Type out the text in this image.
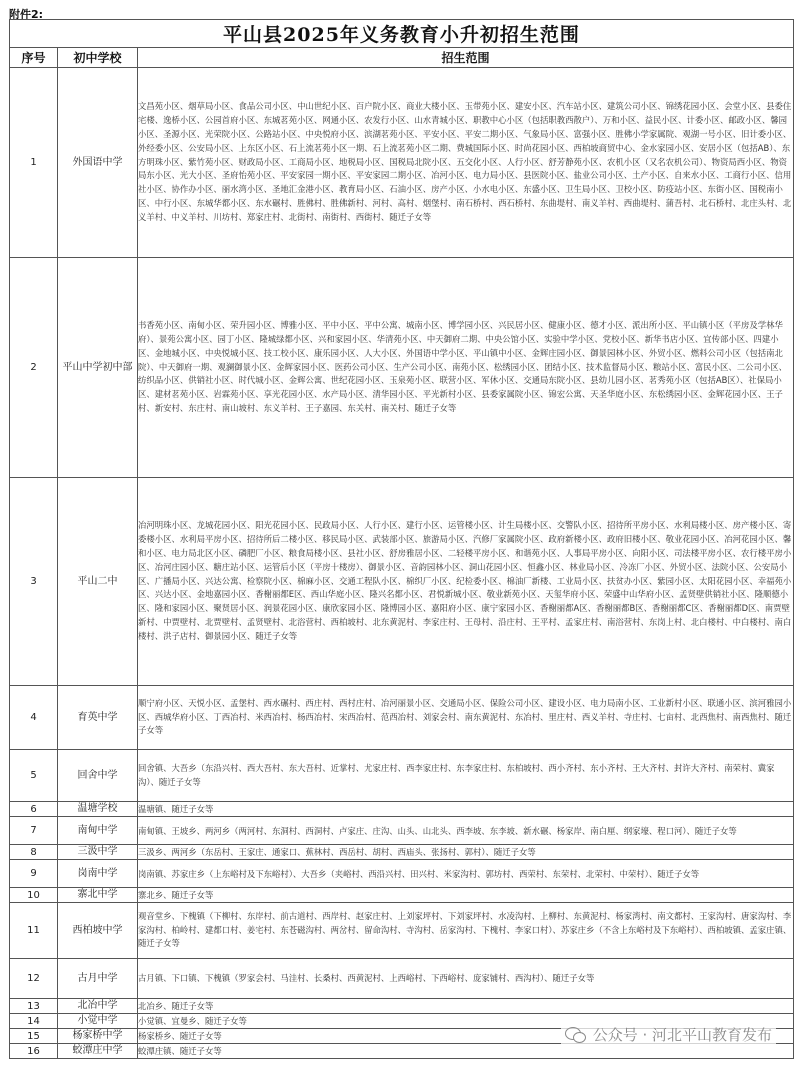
附件2:
平山县2025年义务教育小升初招生范围		
序号	初中学校	招生范围
1	外国语中学	文昌苑小区、烟草局小区、食品公司小区、中山世纪小区、百户院小区、商业大楼小区、玉带苑小区、建安小区、汽车站小区、建筑公司小区、锦绣花园小区、会堂小区、县委住宅楼、逸桥小区、公园首府小区、东城茗苑小区、网通小区、农发行小区、山水青城小区、职教中心小区（包括职教西散户）、万和小区、益民小区、计委小区、邮政小区、馨园小区、圣源小区、光荣院小区、公路站小区、中央悦府小区、滨湖茗苑小区、平安小区、平安二期小区、气象局小区、富强小区、胜佛小学家属院、观湖一号小区、旧计委小区、外经委小区、公安局小区、上东区小区、石上流茗苑小区一期、石上流茗苑小区二期、费城国际小区、时尚花园小区、西柏坡商贸中心、金水家园小区、安居小区（包括AB）、东方明珠小区、紫竹苑小区、财政局小区、工商局小区、地税局小区、国税局北院小区、五交化小区、人行小区、舒芳静苑小区、农机小区（又名农机公司）、物资局西小区、物资局东小区、光大小区、圣府怡苑小区、平安家园一期小区、平安家园二期小区、冶河小区、电力局小区、县医院小区、盐业公司小区、土产小区、自来水小区、工商行小区、信用社小区、协作办小区、丽水湾小区、圣地汇金港小区、教育局小区、石油小区、房产小区、小水电小区、东盛小区、卫生局小区、卫校小区、防疫站小区、东街小区、国税南小区、中行小区、东城华都小区、东水碾村、胜佛村、胜佛新村、河村、高村、烟堡村、南石桥村、西石桥村、东曲堤村、南义羊村、西曲堤村、蒲吾村、北石桥村、北庄头村、北义羊村、中义羊村、川坊村、郑家庄村、北街村、南街村、西街村、随迁子女等
2	平山中学初中部	书香苑小区、南甸小区、荣升园小区、博雅小区、平中小区、平中公寓、城南小区、博学园小区、兴民居小区、健康小区、德才小区、派出所小区、平山镇小区（平房及学林华府）、景苑公寓小区、园丁小区、隆城绿都小区、兴和家园小区、华清苑小区、中天御府二期、中央公馆小区、实验中学小区、党校小区、新华书店小区、宜传部小区、四建小区、金地城小区、中央悦城小区、技工校小区、康乐园小区、人大小区、外国语中学小区、平山镇中小区、金辉庄园小区、御景园林小区、外贸小区、燃料公司小区（包括南北院）、中天御府一期、观澜御景小区、金辉家园小区、医药公司小区、生产公司小区、南苑小区、松绣园小区、团结小区、技术监督局小区、粮站小区、富民小区、二公司小区、纺织品小区、供销社小区、时代城小区、金辉公寓、世纪花园小区、玉泉苑小区、联营小区、军休小区、交通局东院小区、县幼儿园小区、茗秀苑小区（包括AB区）、社保局小区、建材茗苑小区、岩霖苑小区、享光花园小区、水产局小区、清华园小区、平光新村小区、县委家属院小区、锦宏公寓、天圣华庭小区、东松绣园小区、金辉花园小区、王子村、新安村、东庄村、南山坡村、东义羊村、王子嘉园、东关村、南关村、随迁子女等
3	平山二中	冶河明珠小区、龙城花园小区、阳光花园小区、民政局小区、人行小区、建行小区、运管楼小区、计生局楼小区、交警队小区、招待所平房小区、水利局楼小区、房产楼小区、寄委楼小区、水利局平房小区、招待所后二楼小区、移民局小区、武装部小区、旅游局小区、汽修厂家属院小区、政府新楼小区、政府旧楼小区、敬业花园小区、冶河花园小区、馨和小区、电力局北区小区、磷肥厂小区、粮食局楼小区、县社小区、舒房雅居小区、二轻楼平房小区、和谐苑小区、人事局平房小区、向阳小区、司法楼平房小区、农行楼平房小区、冶河庄园小区、糖庄站小区、运管后小区（平房十楼房）、御景小区、音韵园林小区、洞山花园小区、恒鑫小区、林业局小区、冷冻厂小区、外贸小区、法院小区、公安局小区、广播局小区、兴达公寓、检察院小区、棉麻小区、交通工程队小区、棉织厂小区、纪检委小区、棉油厂新楼、工业局小区、扶贫办小区、紫园小区、太阳花园小区、幸福苑小区、兴达小区、金地嘉园小区、香榭丽都E区、西山华庭小区、隆兴名都小区、君悦新城小区、敬业新苑小区、天玺华府小区、荣盛中山华府小区、孟贤壁供销社小区、隆顺德小区、隆和家园小区、聚贤居小区、润景花园小区、康欣家园小区、隆博园小区、嘉阳府小区、康宁家园小区、香榭丽都A区、香榭丽都B区、香榭丽都C区、香榭丽都D区、南贾壁新村、中贾壁村、北贾壁村、孟贤壁村、北浴营村、西柏坡村、北东黄泥村、李家庄村、王母村、沿庄村、王平村、孟家庄村、南浴营村、东岗上村、北白楼村、中白楼村、南白楼村、洪子店村、御景园小区、随迁子女等
4	育英中学	顺宁府小区、天悦小区、孟堡村、西水碾村、西庄村、西村庄村、冶河丽景小区、交通局小区、保险公司小区、建设小区、电力局南小区、工业新村小区、联通小区、滨河雅园小区、西城华府小区、丁西冶村、米西冶村、杨西冶村、宋西冶村、范西冶村、刘家会村、南东黄泥村、东冶村、里庄村、西义羊村、寺庄村、七亩村、北西焦村、南西焦村、随迁子女等
5	回舍中学	回舍镇、大吾乡（东沿兴村、西大吾村、东大吾村、近掌村、尤家庄村、西李家庄村、东李家庄村、东柏坡村、西小齐村、东小齐村、王大齐村、封许大齐村、南荣村、冀家沟）、随迁子女等
6	温塘学校	温塘镇、随迁子女等
7	南甸中学	南甸镇、王坡乡、两河乡（两河村、东洞村、西洞村、卢家庄、庄沟、山头、山北头、西李坡、东李坡、新水碾、杨家岸、南白厘、纲家壕、程口河）、随迁子女等
8	三汲中学	三汲乡、两河乡（东岳村、王家庄、通家口、蕉林村、西岳村、胡村、西庙头、张扬村、郭村）、随迁子女等
9	岗南中学	岗南镇、苏家庄乡（上东峪村及下东峪村）、大吾乡（夹峪村、西沿兴村、田兴村、米家沟村、郭坊村、西荣村、东荣村、北荣村、中荣村）、随迁子女等
10	寨北中学	寨北乡、随迁子女等
11	西柏坡中学	观音堂乡、下槐镇（下柳村、东岸村、前古道村、西岸村、赵家庄村、上刘家坪村、下刘家坪村、水凌沟村、上柳村、东黄泥村、杨家湾村、南文都村、王家沟村、唐家沟村、李家沟村、柏岭村、建都口村、姜宅村、东苍磁沟村、两岔村、留命沟村、寺沟村、岳家沟村、下槐村、李家口村）、苏家庄乡（不含上东峪村及下东峪村）、西柏坡镇、孟家庄镇、随迁子女等
12	古月中学	古月镇、下口镇、下槐镇（罗家会村、马洼村、长桑村、西黄泥村、上西峪村、下西峪村、庞家铺村、西沟村）、随迁子女等
13	北冶中学	北冶乡、随迁子女等
14	小觉中学	小觉镇、宜曼乡、随迁子女等
15	杨家桥中学	杨家桥乡、随迁子女等
16	蛟潭庄中学	蛟潭庄镇、随迁子女等
公众号 · 河北平山教育发布
